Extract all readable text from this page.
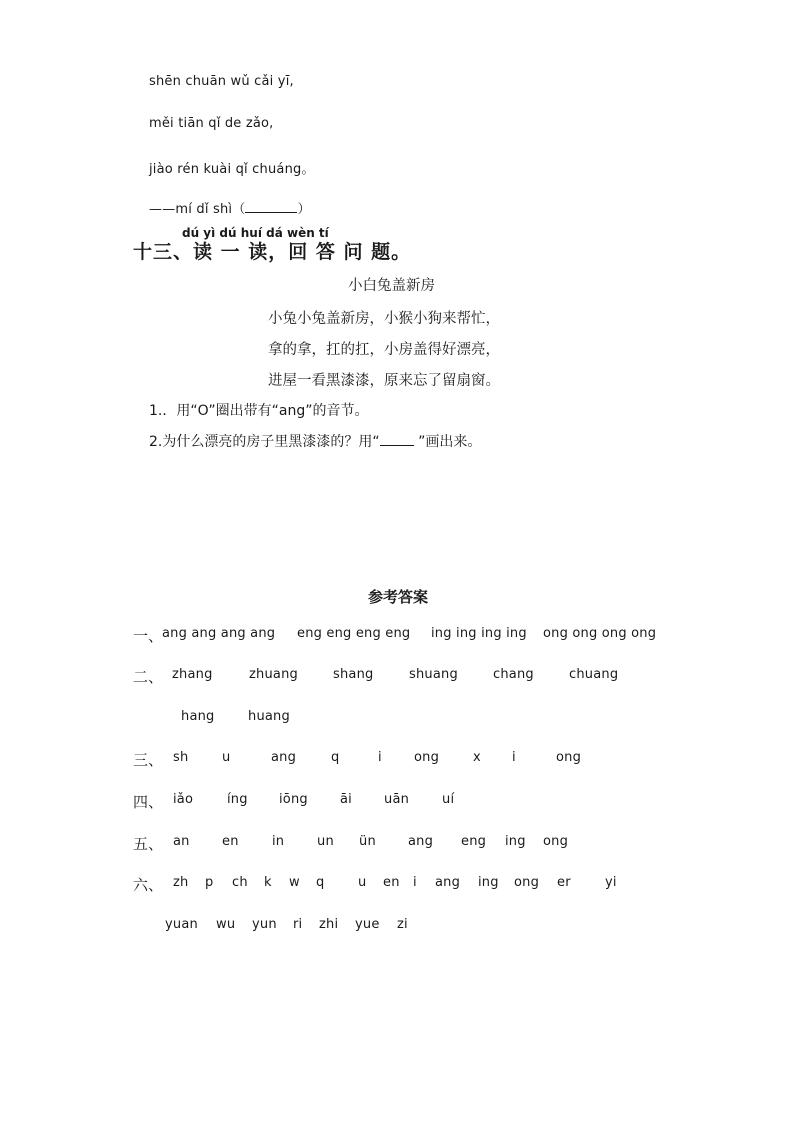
shēn chuān wǔ cǎi yī,
měi tiān qǐ de zǎo,
jiào rén kuài qǐ chuáng。
——mí dǐ shì（	）
dú yì dú huí dá wèn tí
十三、读 一 读，回 答 问 题。
小白兔盖新房
小兔小兔盖新房，小猴小狗来帮忙，
拿的拿，扛的扛，小房盖得好漂亮，
进屋一看黑漆漆，原来忘了留扇窗。
1.．用“O”圈出带有“ang”的音节。
2.为什么漂亮的房子里黑漆漆的？用“ ”画出来。
参考答案
一、
ang ang ang ang eng eng eng eng ing ing ing ing ong ong ong ong
二、 zhang	zhuang	shang	shuang	chang	chuang
hang	huang
三、 sh	u	ang	q	i ong	x i	ong
四、 iǎo	íng iōng āi uān	uí
五、 an en	in	un ün ang eng ing ong
六、 zh p ch k w q	u en i ang ing ong er	yi
yuan wu yun ri zhi yue zi
